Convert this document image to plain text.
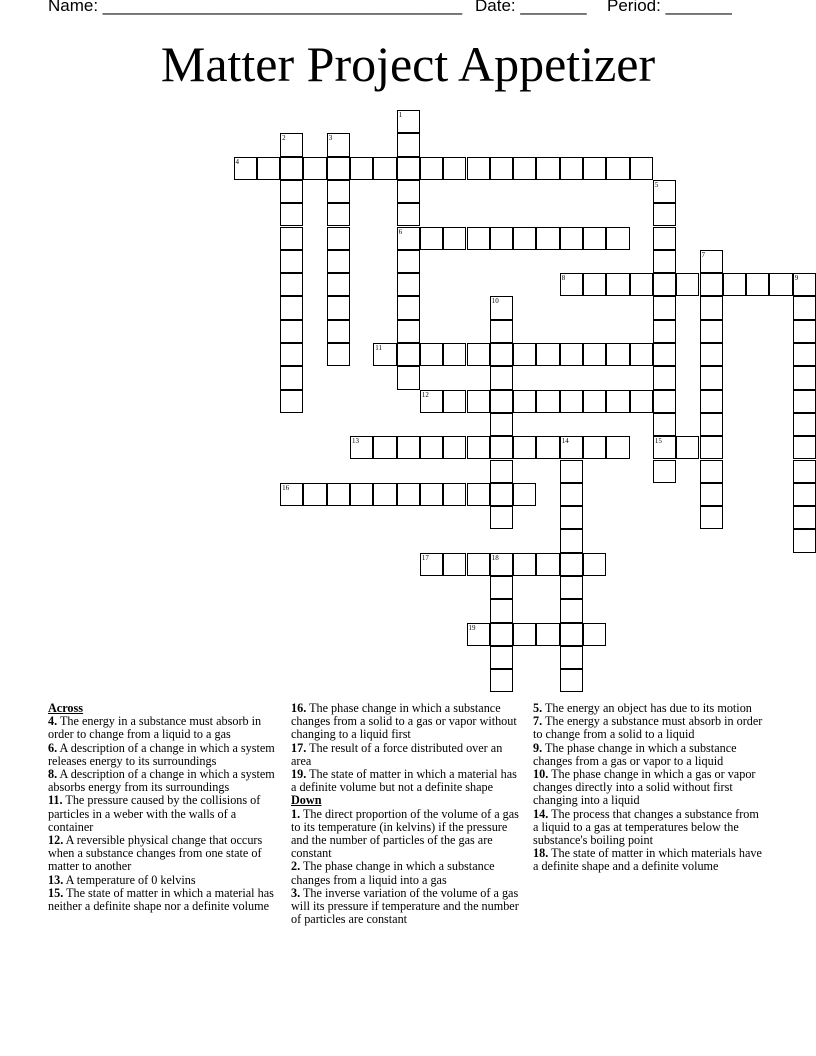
Name: ______________________________________ Date: _______ Period: _______
Matter Project Appetizer
1
6
2	3
4
5
15
7
8	9
10
11
12
13	14
16
17	18
19
Across
4. The energy in a substance must absorb in order to change from a liquid to a gas
6. A description of a change in which a system releases energy to its surroundings
8. A description of a change in which a system absorbs energy from its surroundings
11. The pressure caused by the collisions of particles in a weber with the walls of a container
12. A reversible physical change that occurs when a substance changes from one state of matter to another
13. A temperature of 0 kelvins
15. The state of matter in which a material has neither a definite shape nor a definite volume
16. The phase change in which a substance changes from a solid to a gas or vapor without changing to a liquid first
17. The result of a force distributed over an area
19. The state of matter in which a material has a definite volume but not a definite shape
Down
1. The direct proportion of the volume of a gas to its temperature (in kelvins) if the pressure and the number of particles of the gas are constant
2. The phase change in which a substance changes from a liquid into a gas
3. The inverse variation of the volume of a gas will its pressure if temperature and the number of particles are constant
5. The energy an object has due to its motion
7. The energy a substance must absorb in order to change from a solid to a liquid
9. The phase change in which a substance changes from a gas or vapor to a liquid
10. The phase change in which a gas or vapor changes directly into a solid without first changing into a liquid
14. The process that changes a substance from a liquid to a gas at temperatures below the substance's boiling point
18. The state of matter in which materials have a definite shape and a definite volume
